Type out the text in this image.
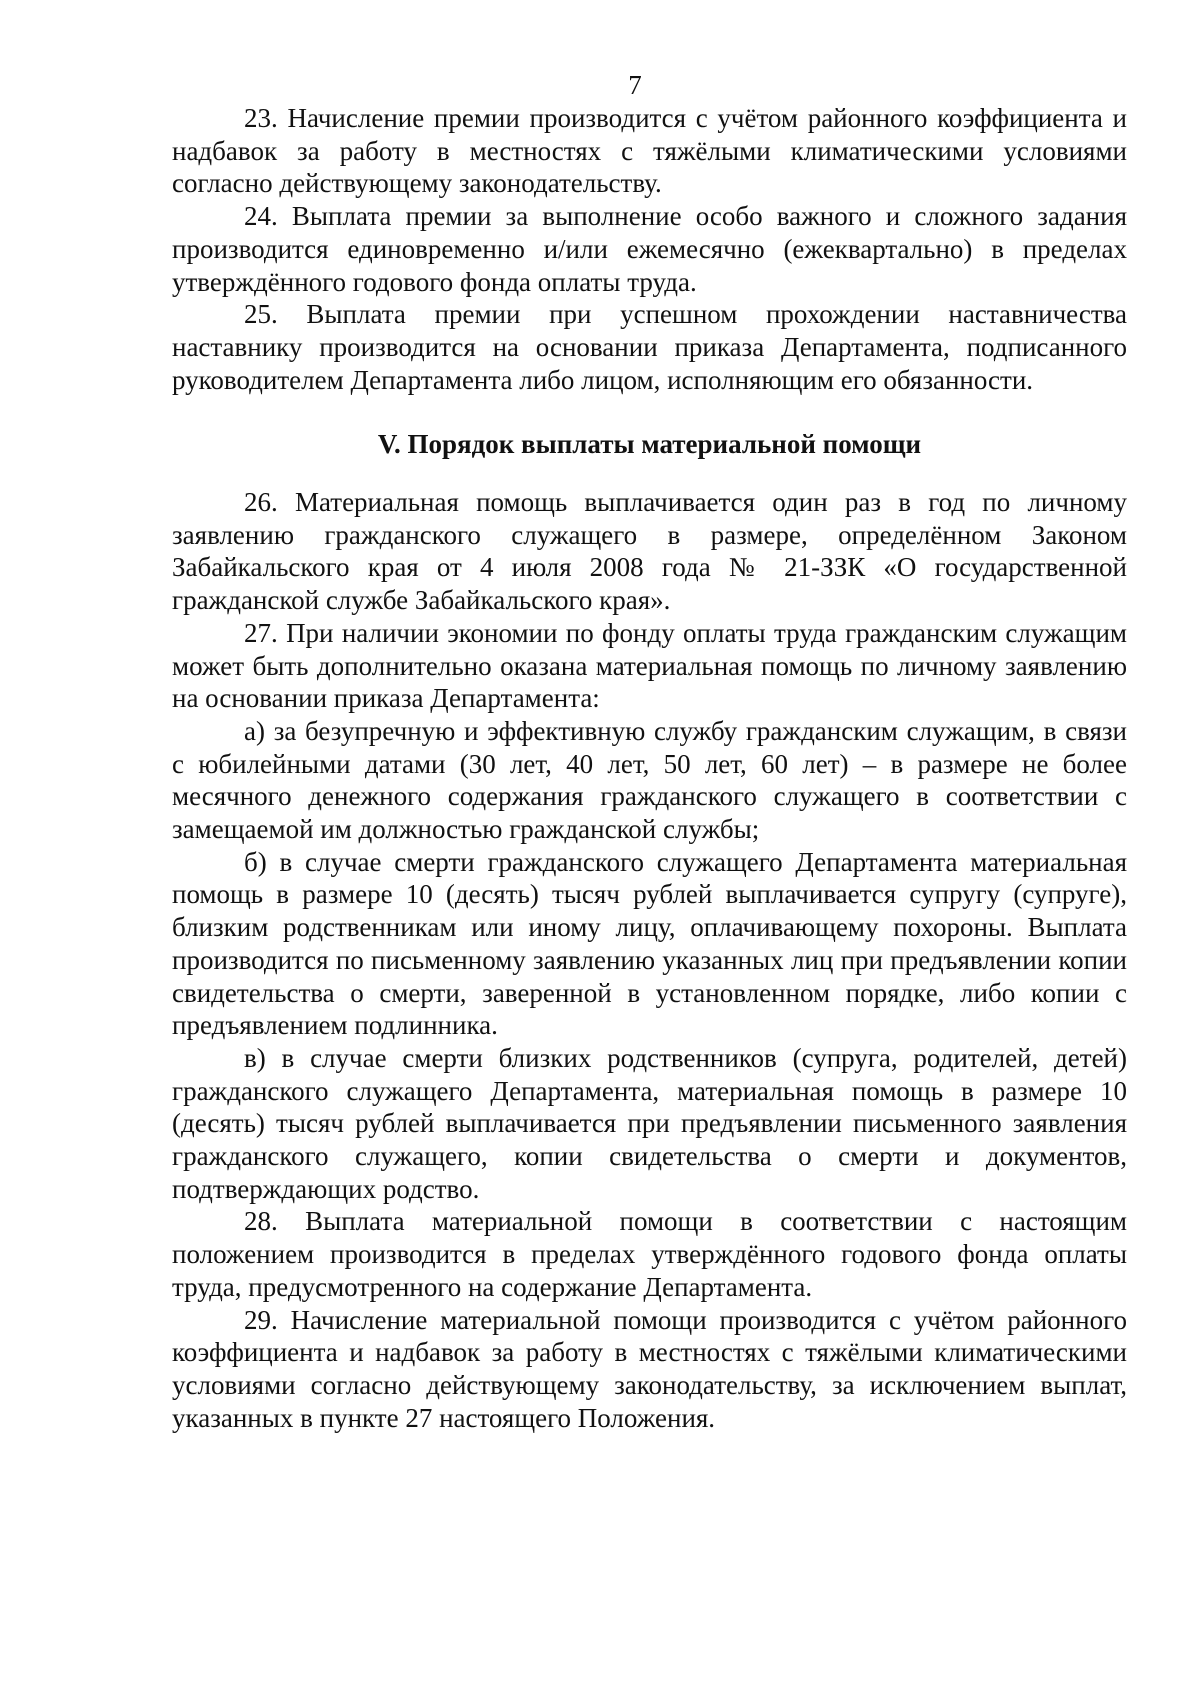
7

23. Начисление премии производится с учётом районного коэффициента и надбавок за работу в местностях с тяжёлыми климатическими условиями согласно действующему законодательству.

24. Выплата премии за выполнение особо важного и сложного задания производится единовременно и/или ежемесячно (ежеквартально) в пределах утверждённого годового фонда оплаты труда.

25. Выплата премии при успешном прохождении наставничества наставнику производится на основании приказа Департамента, подписанного руководителем Департамента либо лицом, исполняющим его обязанности.

V. Порядок выплаты материальной помощи

26. Материальная помощь выплачивается один раз в год по личному заявлению гражданского служащего в размере, определённом Законом Забайкальского края от 4 июля 2008 года № 21-ЗЗК «О государственной гражданской службе Забайкальского края».

27. При наличии экономии по фонду оплаты труда гражданским служащим может быть дополнительно оказана материальная помощь по личному заявлению на основании приказа Департамента:

а) за безупречную и эффективную службу гражданским служащим, в связи с юбилейными датами (30 лет, 40 лет, 50 лет, 60 лет) – в размере не более месячного денежного содержания гражданского служащего в соответствии с замещаемой им должностью гражданской службы;

б) в случае смерти гражданского служащего Департамента материальная помощь в размере 10 (десять) тысяч рублей выплачивается супругу (супруге), близким родственникам или иному лицу, оплачивающему похороны. Выплата производится по письменному заявлению указанных лиц при предъявлении копии свидетельства о смерти, заверенной в установленном порядке, либо копии с предъявлением подлинника.

в) в случае смерти близких родственников (супруга, родителей, детей) гражданского служащего Департамента, материальная помощь в размере 10 (десять) тысяч рублей выплачивается при предъявлении письменного заявления гражданского служащего, копии свидетельства о смерти и документов, подтверждающих родство.

28. Выплата материальной помощи в соответствии с настоящим положением производится в пределах утверждённого годового фонда оплаты труда, предусмотренного на содержание Департамента.

29. Начисление материальной помощи производится с учётом районного коэффициента и надбавок за работу в местностях с тяжёлыми климатическими условиями согласно действующему законодательству, за исключением выплат, указанных в пункте 27 настоящего Положения.
